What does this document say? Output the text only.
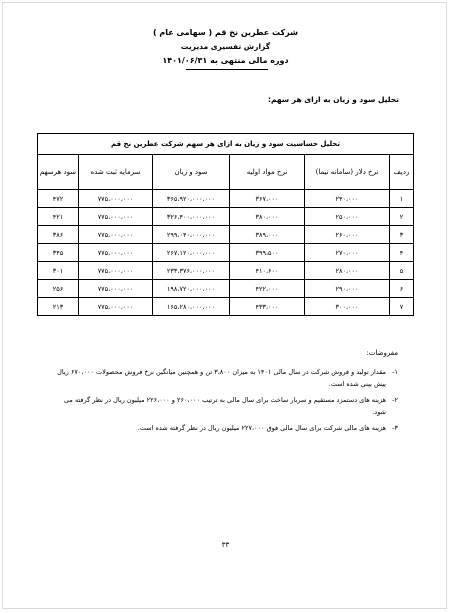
شرکت عطرین نخ قم ( سهامی عام )
گزارش تفسیری مدیریت
دوره مالی منتهی به ۱۴۰۱/۰۶/۳۱
تحلیل سود و زیان به ازای هر سهم:
تحلیل حساسیت سود و زیان به ازای هر سهم شرکت عطرین نخ قم					
ردیف	نرخ دلار (سامانه نیما)	نرخ مواد اولیه	سود و زیان	سرمایه ثبت شده	سود هرسهم
۱	۲۴۰،۰۰۰	۳۶۷،۰۰۰	۳۶۵،۹۲۰،۰۰۰،۰۰۰	۷۷۵،۰۰۰،۰۰۰	۴۷۲
۲	۲۵۰،۰۰۰	۳۸۰،۰۰۰	۳۲۶،۴۰۰،۰۰۰،۰۰۰	۷۷۵،۰۰۰،۰۰۰	۴۲۱
۳	۲۶۰،۰۰۰	۳۸۹،۰۰۰	۲۹۹،۰۴۰،۰۰۰،۰۰۰	۷۷۵،۰۰۰،۰۰۰	۳۸۶
۴	۲۷۰،۰۰۰	۳۹۹،۵۰۰	۲۶۷،۱۲۰،۰۰۰،۰۰۰	۷۷۵،۰۰۰،۰۰۰	۳۴۵
۵	۲۸۰،۰۰۰	۴۱۰،۶۰۰	۲۳۳،۳۷۶،۰۰۰،۰۰۰	۷۷۵،۰۰۰،۰۰۰	۳۰۱
۶	۲۹۰،۰۰۰	۴۲۲،۰۰۰	۱۹۸،۷۲۰،۰۰۰،۰۰۰	۷۷۵،۰۰۰،۰۰۰	۲۵۶
۷	۳۰۰،۰۰۰	۴۳۳،۰۰۰	۱۶۵،۲۸۰،۰۰۰،۰۰۰	۷۷۵،۰۰۰،۰۰۰	۲۱۳
مفروضات:
۱-
مقدار تولید و فروش شرکت در سال مالی ۱۴۰۱ به میزان ۳،۸۰۰ تن و همچنین میانگین نرخ فروش محصولات ۶۷۰،۰۰۰ ریال پیش بینی شده است.
۲-
هزینه های دستمزد مستقیم و سربار ساخت برای سال مالی به ترتیب ۲۶۰،۰۰۰ و ۲۲۶،۰۰۰ میلیون ریال در نظر گرفته می شود.
۳-
هزینه های مالی شرکت برای سال مالی فوق ۲۲۷،۰۰۰ میلیون ریال در نظر گرفته شده است.
۳۳
